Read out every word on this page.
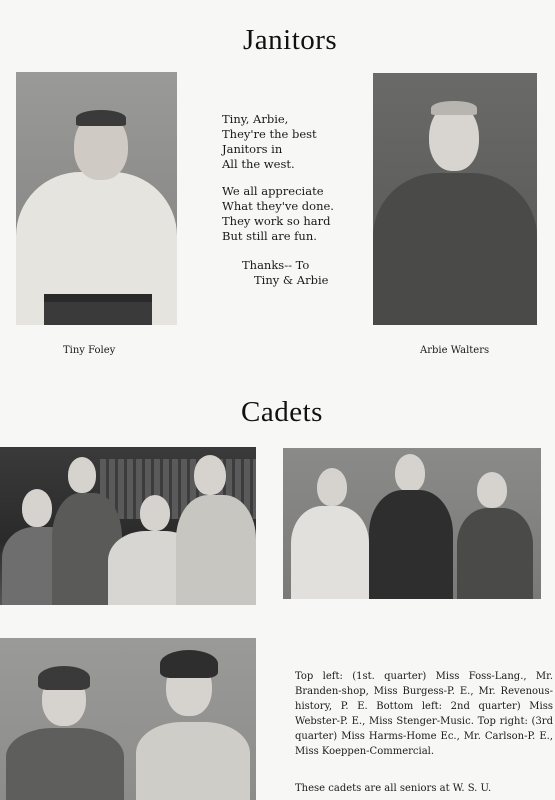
Janitors
Tiny, Arbie,
They're the best
Janitors in
All the west.
We all appreciate
What they've done.
They work so hard
But still are fun.
Thanks-- To
Tiny & Arbie
Tiny Foley	Arbie Walters
Cadets
Top left: (1st. quarter) Miss Foss-Lang., Mr. Branden-shop, Miss Burgess-P. E., Mr. Revenous-history, P. E. Bottom left: 2nd quarter) Miss Webster-P. E., Miss Stenger-Music. Top right: (3rd quarter) Miss Harms-Home Ec., Mr. Carlson-P. E., Miss Koeppen-Commercial.
These cadets are all seniors at W. S. U.
